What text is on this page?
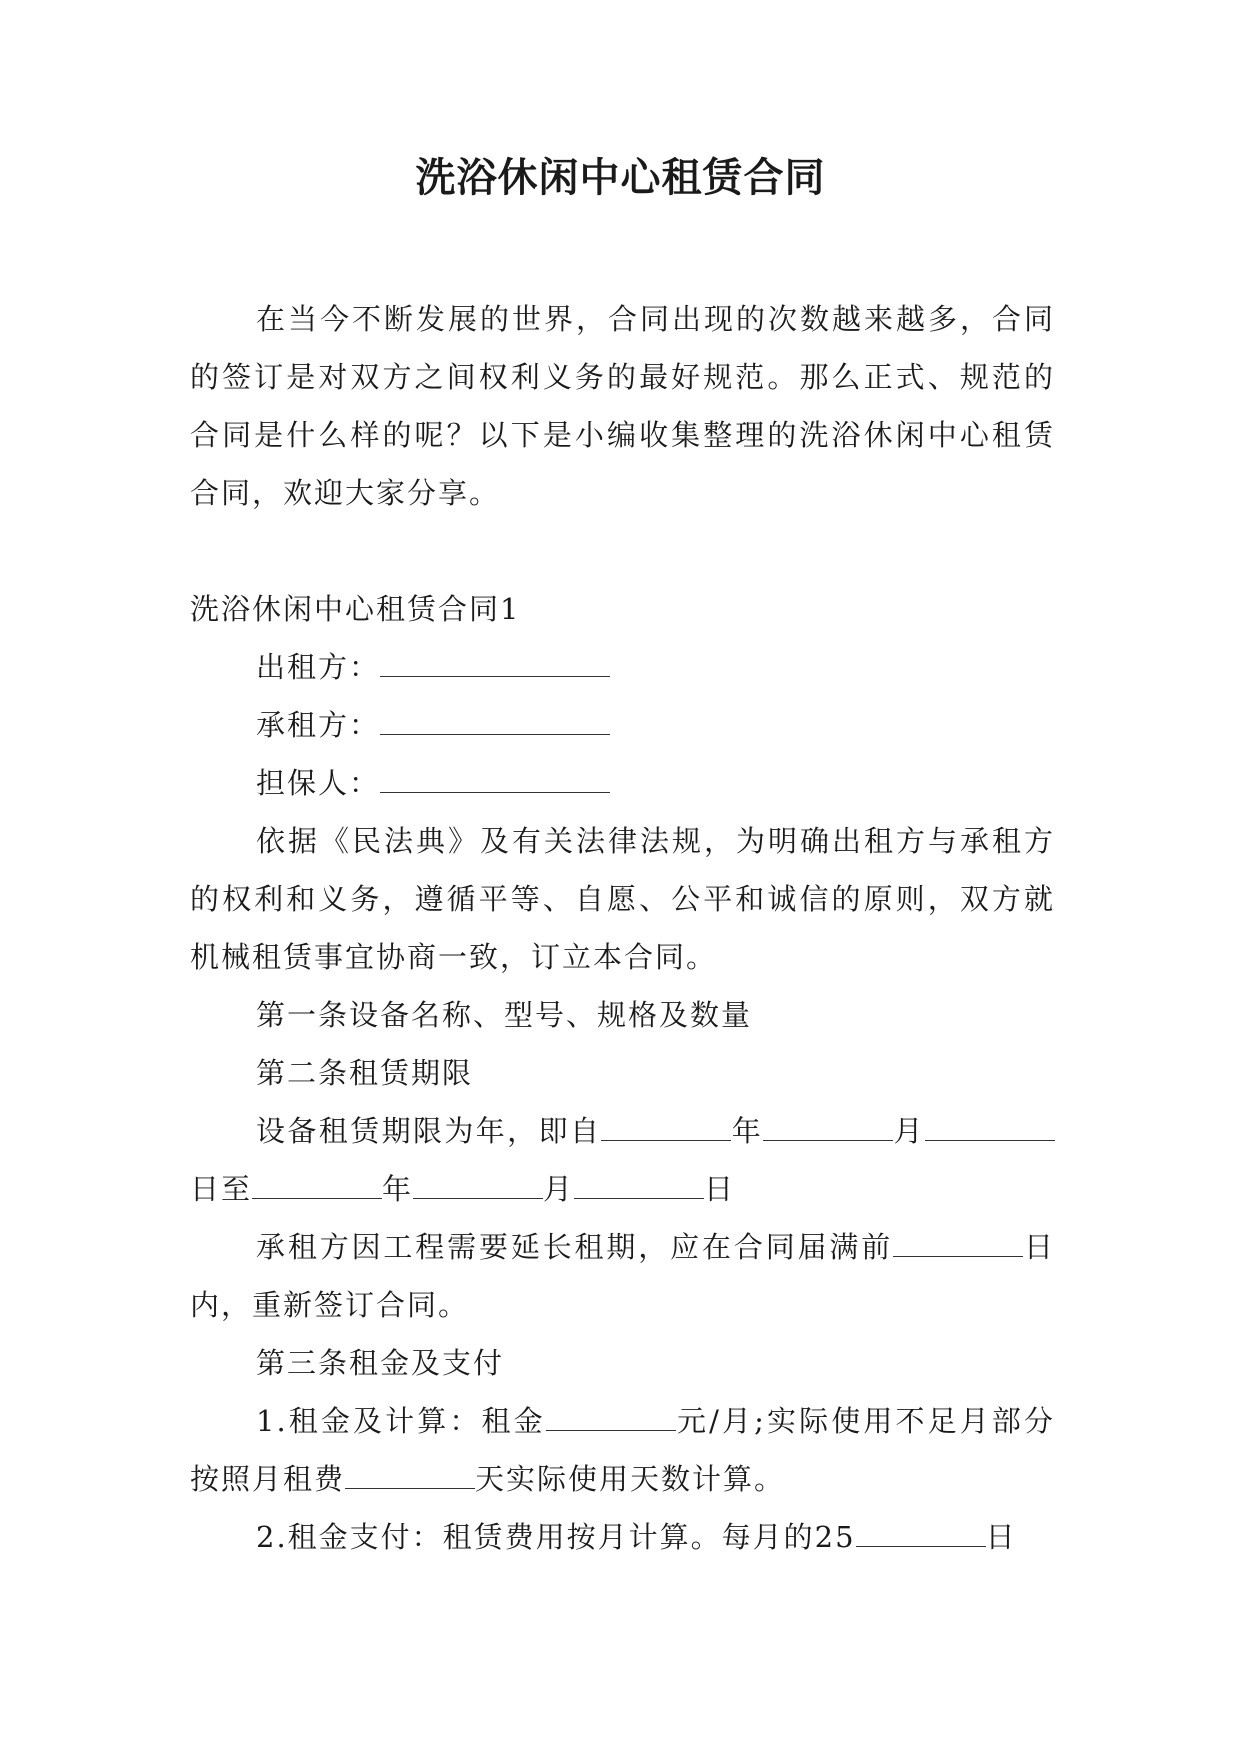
洗浴休闲中心租赁合同

在当今不断发展的世界，合同出现的次数越来越多，合同的签订是对双方之间权利义务的最好规范。那么正式、规范的合同是什么样的呢？以下是小编收集整理的洗浴休闲中心租赁合同，欢迎大家分享。

洗浴休闲中心租赁合同1

出租方：

承租方：

担保人：

依据《民法典》及有关法律法规，为明确出租方与承租方的权利和义务，遵循平等、自愿、公平和诚信的原则，双方就机械租赁事宜协商一致，订立本合同。

第一条设备名称、型号、规格及数量

第二条租赁期限

设备租赁期限为年，即自	年	月日至	年	月	日

承租方因工程需要延长租期，应在合同届满前	日内，重新签订合同。

第三条租金及支付

1.租金及计算：租金	元/月;实际使用不足月部分按照月租费	天实际使用天数计算。

2.租金支付：租赁费用按月计算。每月的25	日
